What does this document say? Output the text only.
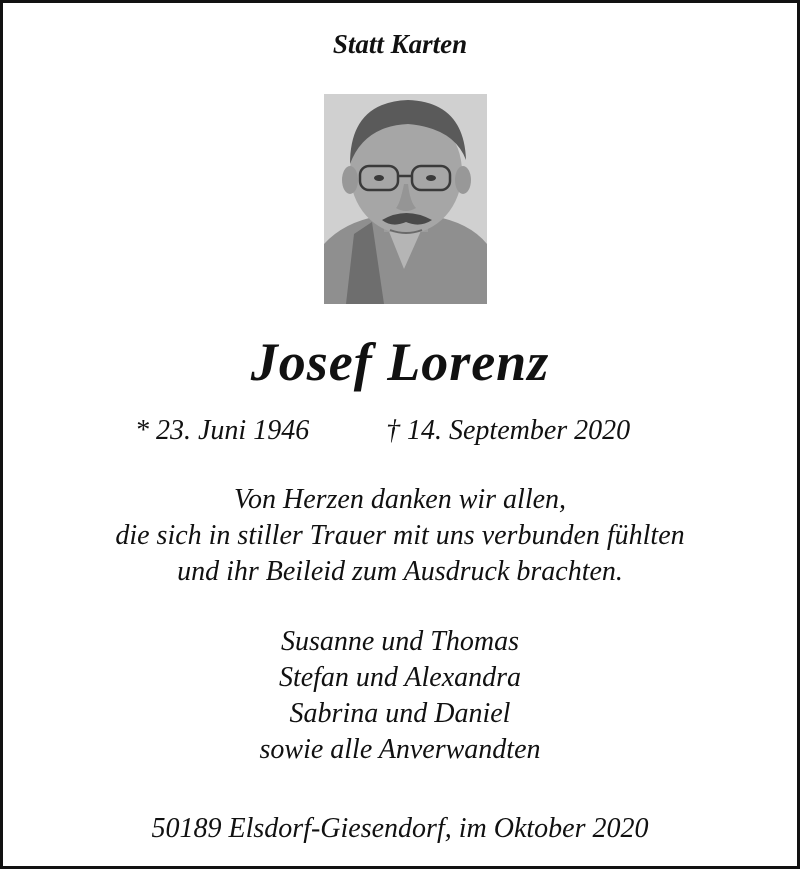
Statt Karten
Josef Lorenz
* 23. Juni 1946	† 14. September 2020
Von Herzen danken wir allen,
die sich in stiller Trauer mit uns verbunden fühlten
und ihr Beileid zum Ausdruck brachten.
Susanne und Thomas
Stefan und Alexandra
Sabrina und Daniel
sowie alle Anverwandten
50189 Elsdorf-Giesendorf, im Oktober 2020
